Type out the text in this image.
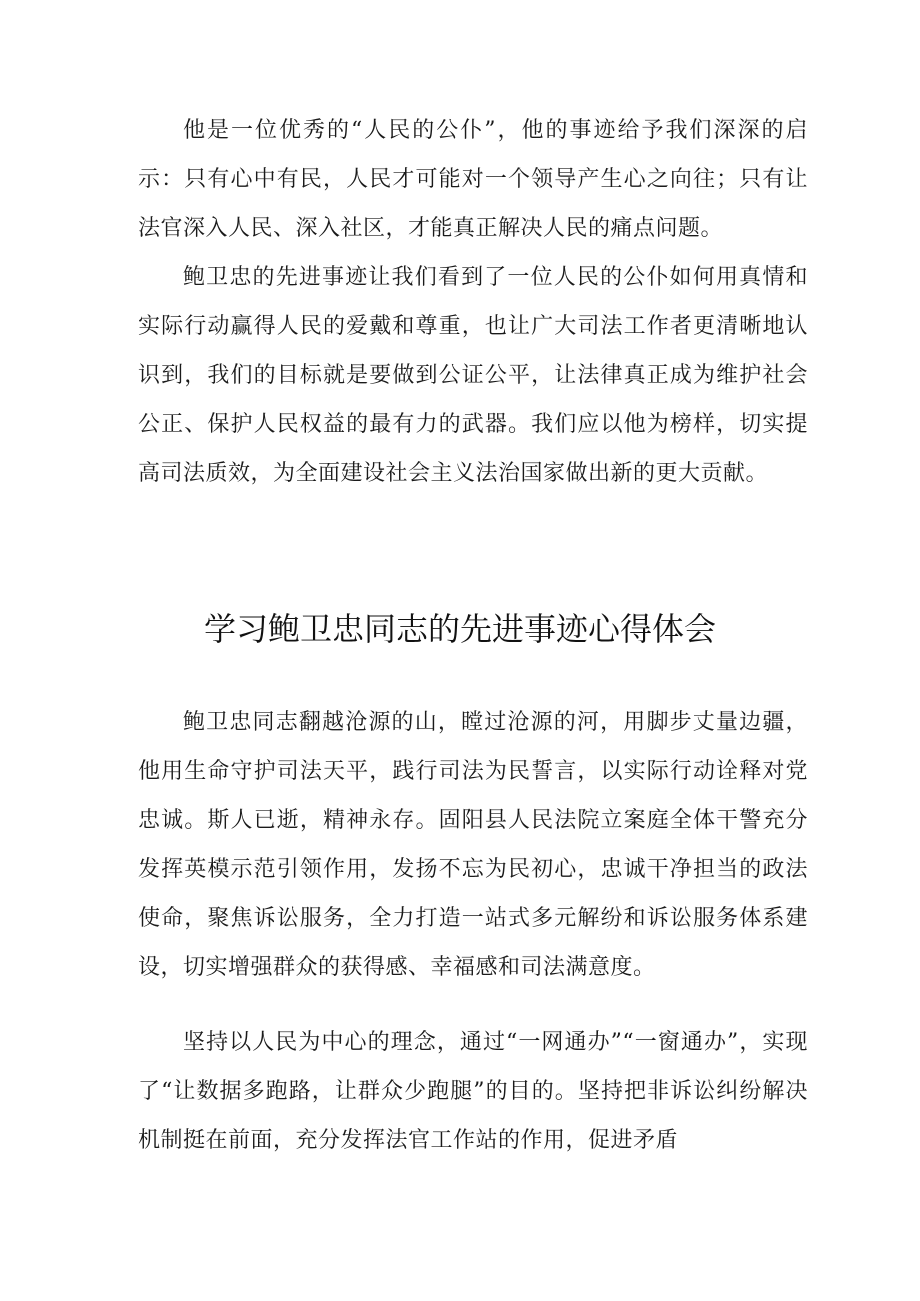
他是一位优秀的“人民的公仆”，他的事迹给予我们深深的启示：只有心中有民，人民才可能对一个领导产生心之向往；只有让法官深入人民、深入社区，才能真正解决人民的痛点问题。

鲍卫忠的先进事迹让我们看到了一位人民的公仆如何用真情和实际行动赢得人民的爱戴和尊重，也让广大司法工作者更清晰地认识到，我们的目标就是要做到公证公平，让法律真正成为维护社会公正、保护人民权益的最有力的武器。我们应以他为榜样，切实提高司法质效，为全面建设社会主义法治国家做出新的更大贡献。

学习鲍卫忠同志的先进事迹心得体会

鲍卫忠同志翻越沧源的山，瞠过沧源的河，用脚步丈量边疆，他用生命守护司法天平，践行司法为民誓言，以实际行动诠释对党忠诚。斯人已逝，精神永存。固阳县人民法院立案庭全体干警充分发挥英模示范引领作用，发扬不忘为民初心，忠诚干净担当的政法使命，聚焦诉讼服务，全力打造一站式多元解纷和诉讼服务体系建设，切实增强群众的获得感、幸福感和司法满意度。

坚持以人民为中心的理念，通过“一网通办”“一窗通办”，实现了“让数据多跑路，让群众少跑腿”的目的。坚持把非诉讼纠纷解决机制挺在前面，充分发挥法官工作站的作用，促进矛盾
